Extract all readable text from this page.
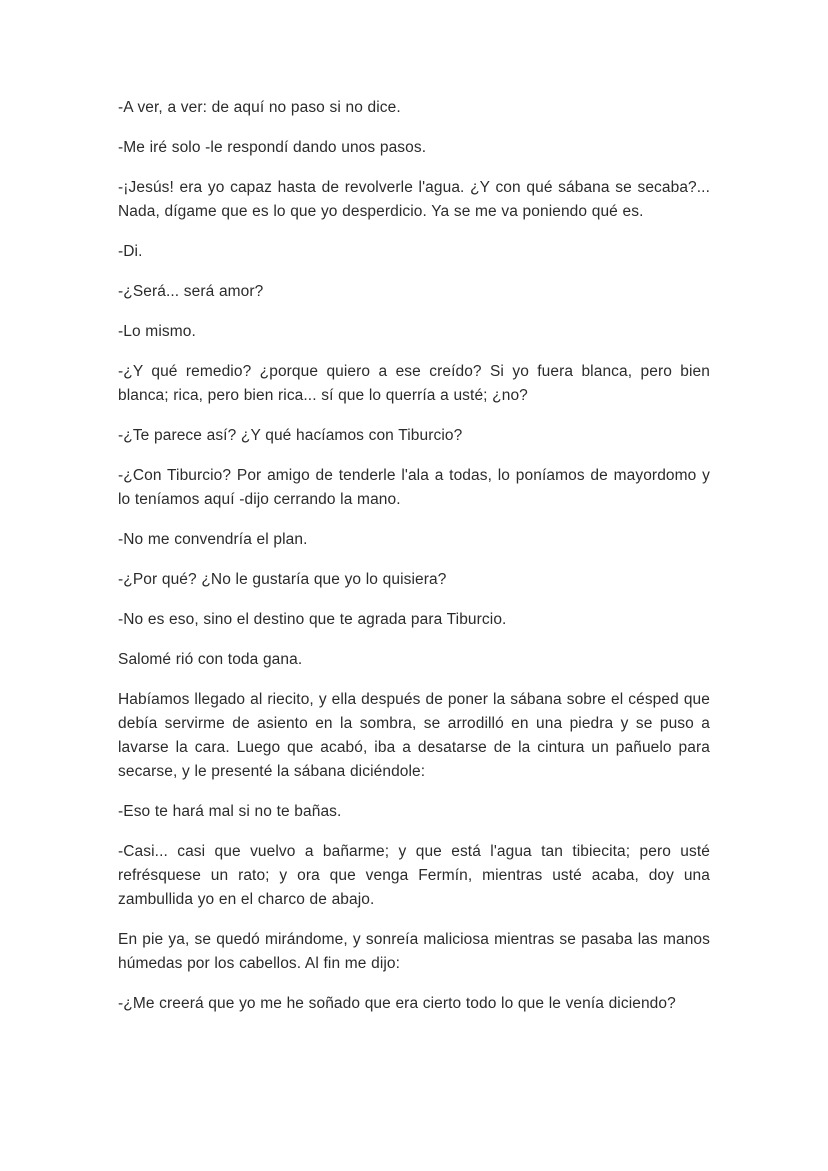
-A ver, a ver: de aquí no paso si no dice.

-Me iré solo -le respondí dando unos pasos.

-¡Jesús! era yo capaz hasta de revolverle l'agua. ¿Y con qué sábana se secaba?... Nada, dígame que es lo que yo desperdicio. Ya se me va poniendo qué es.

-Di.

-¿Será... será amor?

-Lo mismo.

-¿Y qué remedio? ¿porque quiero a ese creído? Si yo fuera blanca, pero bien blanca; rica, pero bien rica... sí que lo querría a usté; ¿no?

-¿Te parece así? ¿Y qué hacíamos con Tiburcio?

-¿Con Tiburcio? Por amigo de tenderle l'ala a todas, lo poníamos de mayordomo y lo teníamos aquí -dijo cerrando la mano.

-No me convendría el plan.

-¿Por qué? ¿No le gustaría que yo lo quisiera?

-No es eso, sino el destino que te agrada para Tiburcio.

Salomé rió con toda gana.

Habíamos llegado al riecito, y ella después de poner la sábana sobre el césped que debía servirme de asiento en la sombra, se arrodilló en una piedra y se puso a lavarse la cara. Luego que acabó, iba a desatarse de la cintura un pañuelo para secarse, y le presenté la sábana diciéndole:

-Eso te hará mal si no te bañas.

-Casi... casi que vuelvo a bañarme; y que está l'agua tan tibiecita; pero usté refrésquese un rato; y ora que venga Fermín, mientras usté acaba, doy una zambullida yo en el charco de abajo.

En pie ya, se quedó mirándome, y sonreía maliciosa mientras se pasaba las manos húmedas por los cabellos. Al fin me dijo:

-¿Me creerá que yo me he soñado que era cierto todo lo que le venía diciendo?
